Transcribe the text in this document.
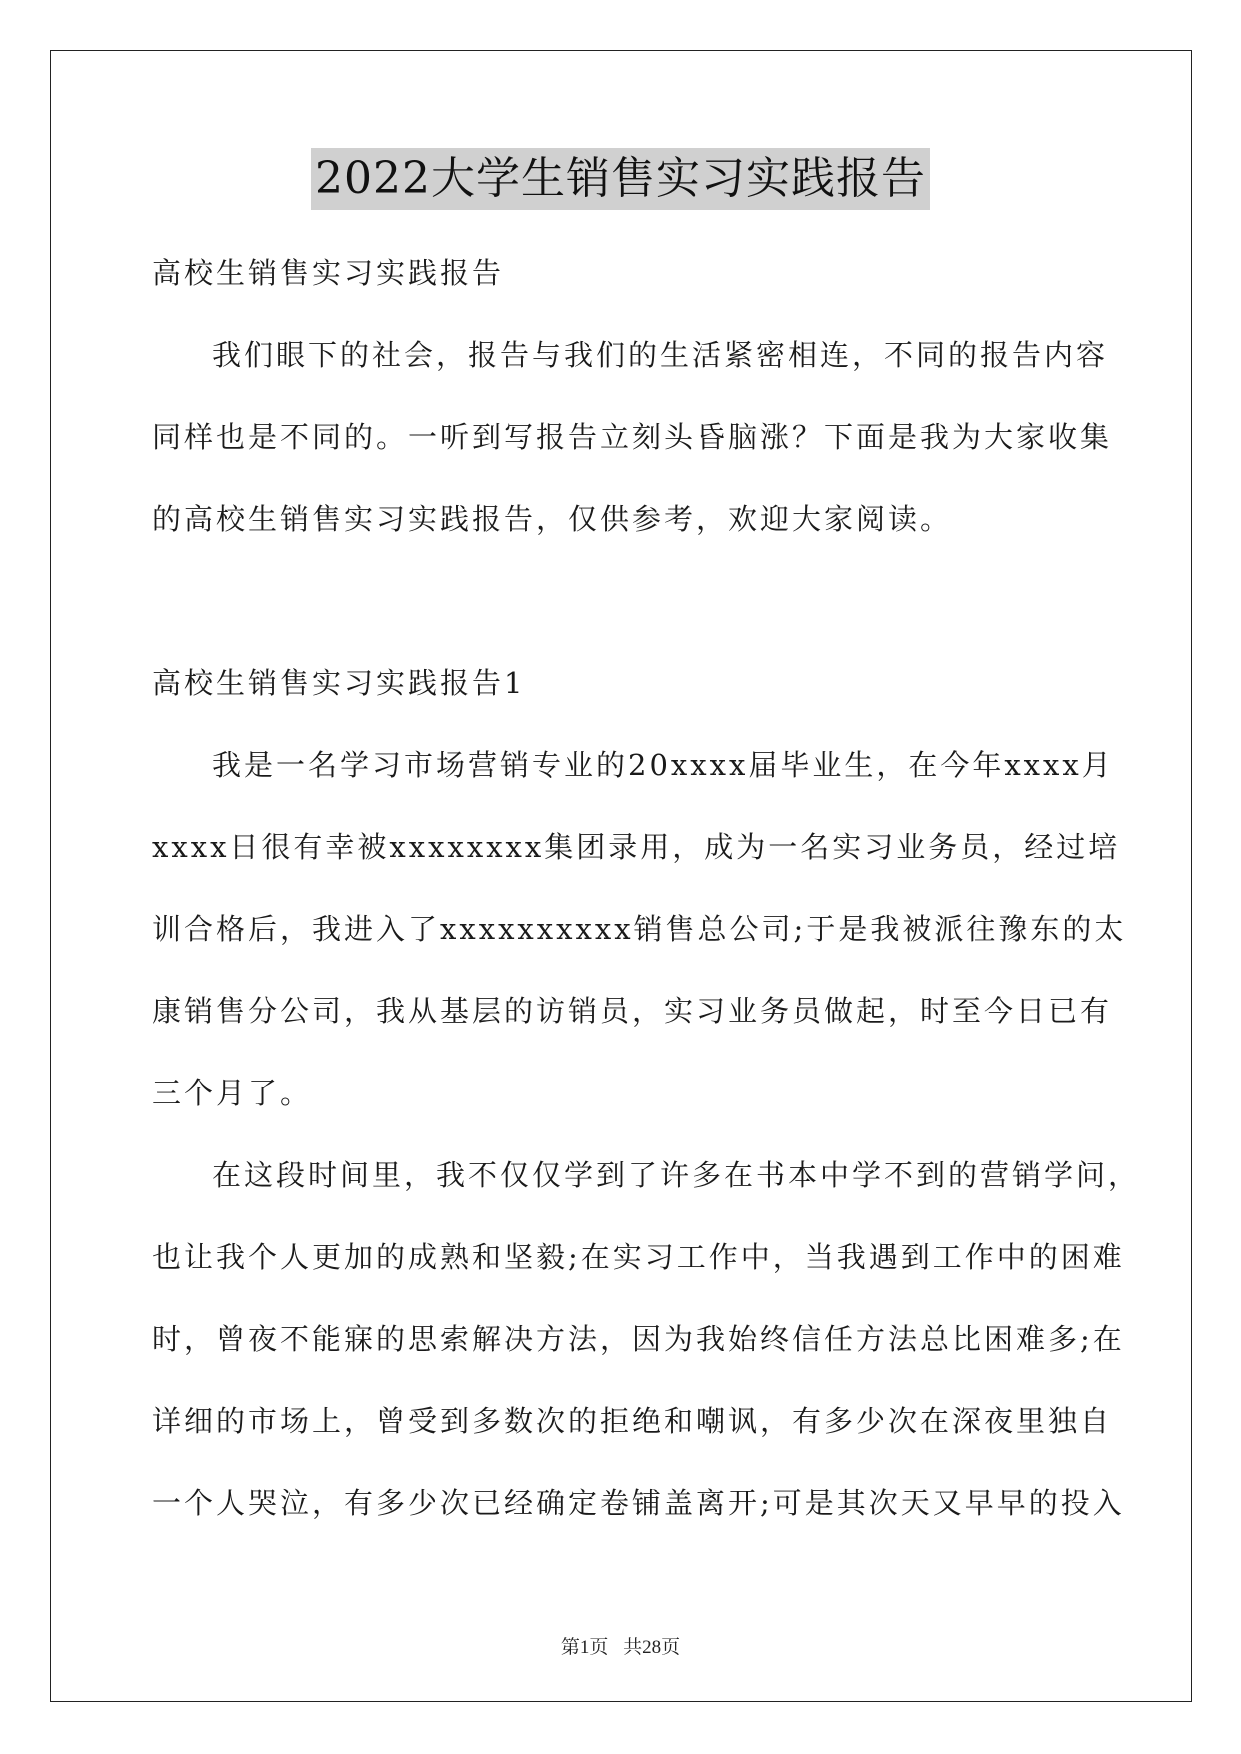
2022大学生销售实习实践报告
高校生销售实习实践报告
我们眼下的社会，报告与我们的生活紧密相连，不同的报告内容
同样也是不同的。一听到写报告立刻头昏脑涨？下面是我为大家收集
的高校生销售实习实践报告，仅供参考，欢迎大家阅读。
高校生销售实习实践报告1
我是一名学习市场营销专业的20xxxx届毕业生，在今年xxxx月
xxxx日很有幸被xxxxxxxx集团录用，成为一名实习业务员，经过培
训合格后，我进入了xxxxxxxxxx销售总公司;于是我被派往豫东的太
康销售分公司，我从基层的访销员，实习业务员做起，时至今日已有
三个月了。
在这段时间里，我不仅仅学到了许多在书本中学不到的营销学问，
也让我个人更加的成熟和坚毅;在实习工作中，当我遇到工作中的困难
时，曾夜不能寐的思索解决方法，因为我始终信任方法总比困难多;在
详细的市场上，曾受到多数次的拒绝和嘲讽，有多少次在深夜里独自
一个人哭泣，有多少次已经确定卷铺盖离开;可是其次天又早早的投入
第1页 共28页
